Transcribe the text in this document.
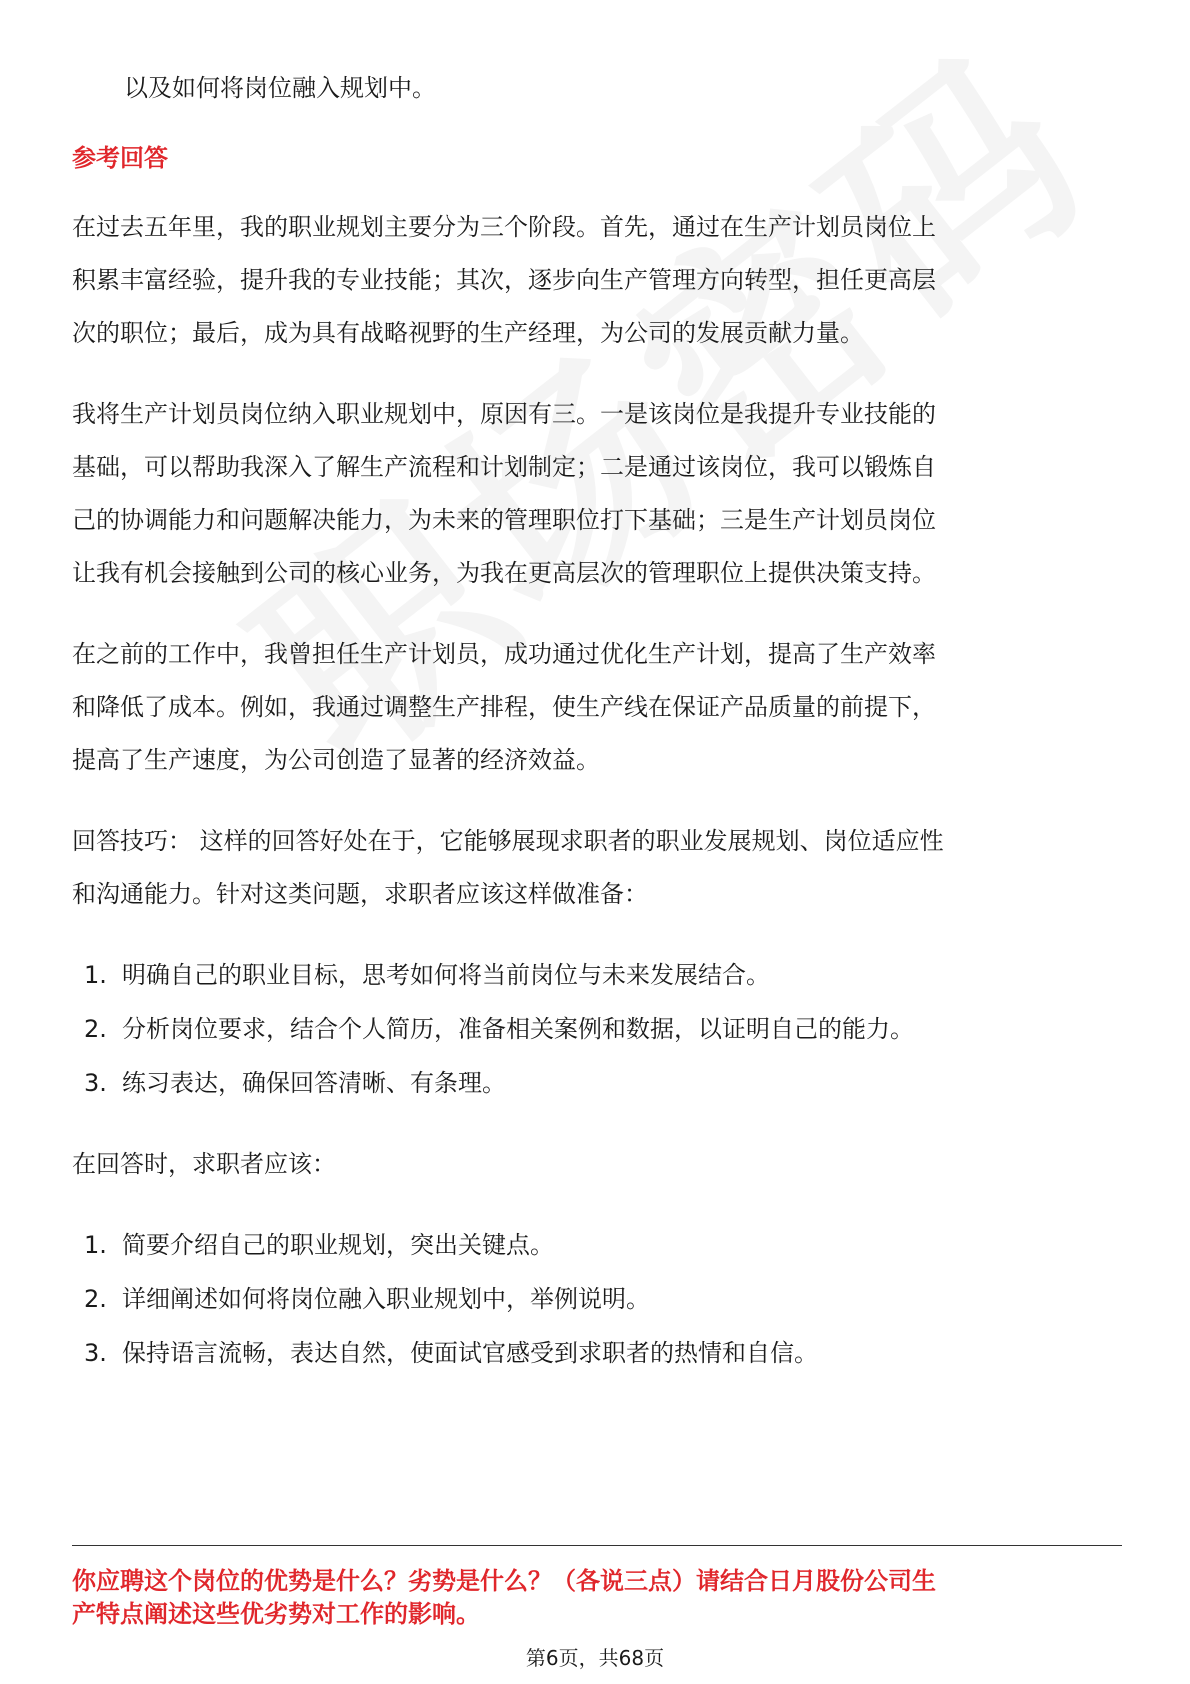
以及如何将岗位融入规划中。
参考回答
在过去五年里，我的职业规划主要分为三个阶段。首先，通过在生产计划员岗位上
积累丰富经验，提升我的专业技能；其次，逐步向生产管理方向转型，担任更高层
次的职位；最后，成为具有战略视野的生产经理，为公司的发展贡献力量。
我将生产计划员岗位纳入职业规划中，原因有三。一是该岗位是我提升专业技能的
基础，可以帮助我深入了解生产流程和计划制定；二是通过该岗位，我可以锻炼自
己的协调能力和问题解决能力，为未来的管理职位打下基础；三是生产计划员岗位
让我有机会接触到公司的核心业务，为我在更高层次的管理职位上提供决策支持。
在之前的工作中，我曾担任生产计划员，成功通过优化生产计划，提高了生产效率
和降低了成本。例如，我通过调整生产排程，使生产线在保证产品质量的前提下，
提高了生产速度，为公司创造了显著的经济效益。
回答技巧： 这样的回答好处在于，它能够展现求职者的职业发展规划、岗位适应性
和沟通能力。针对这类问题，求职者应该这样做准备：
1. 明确自己的职业目标，思考如何将当前岗位与未来发展结合。
2. 分析岗位要求，结合个人简历，准备相关案例和数据，以证明自己的能力。
3. 练习表达，确保回答清晰、有条理。
在回答时，求职者应该：
1. 简要介绍自己的职业规划，突出关键点。
2. 详细阐述如何将岗位融入职业规划中，举例说明。
3. 保持语言流畅，表达自然，使面试官感受到求职者的热情和自信。
你应聘这个岗位的优势是什么？劣势是什么？（各说三点）请结合日月股份公司生
产特点阐述这些优劣势对工作的影响。
第6页，共68页
